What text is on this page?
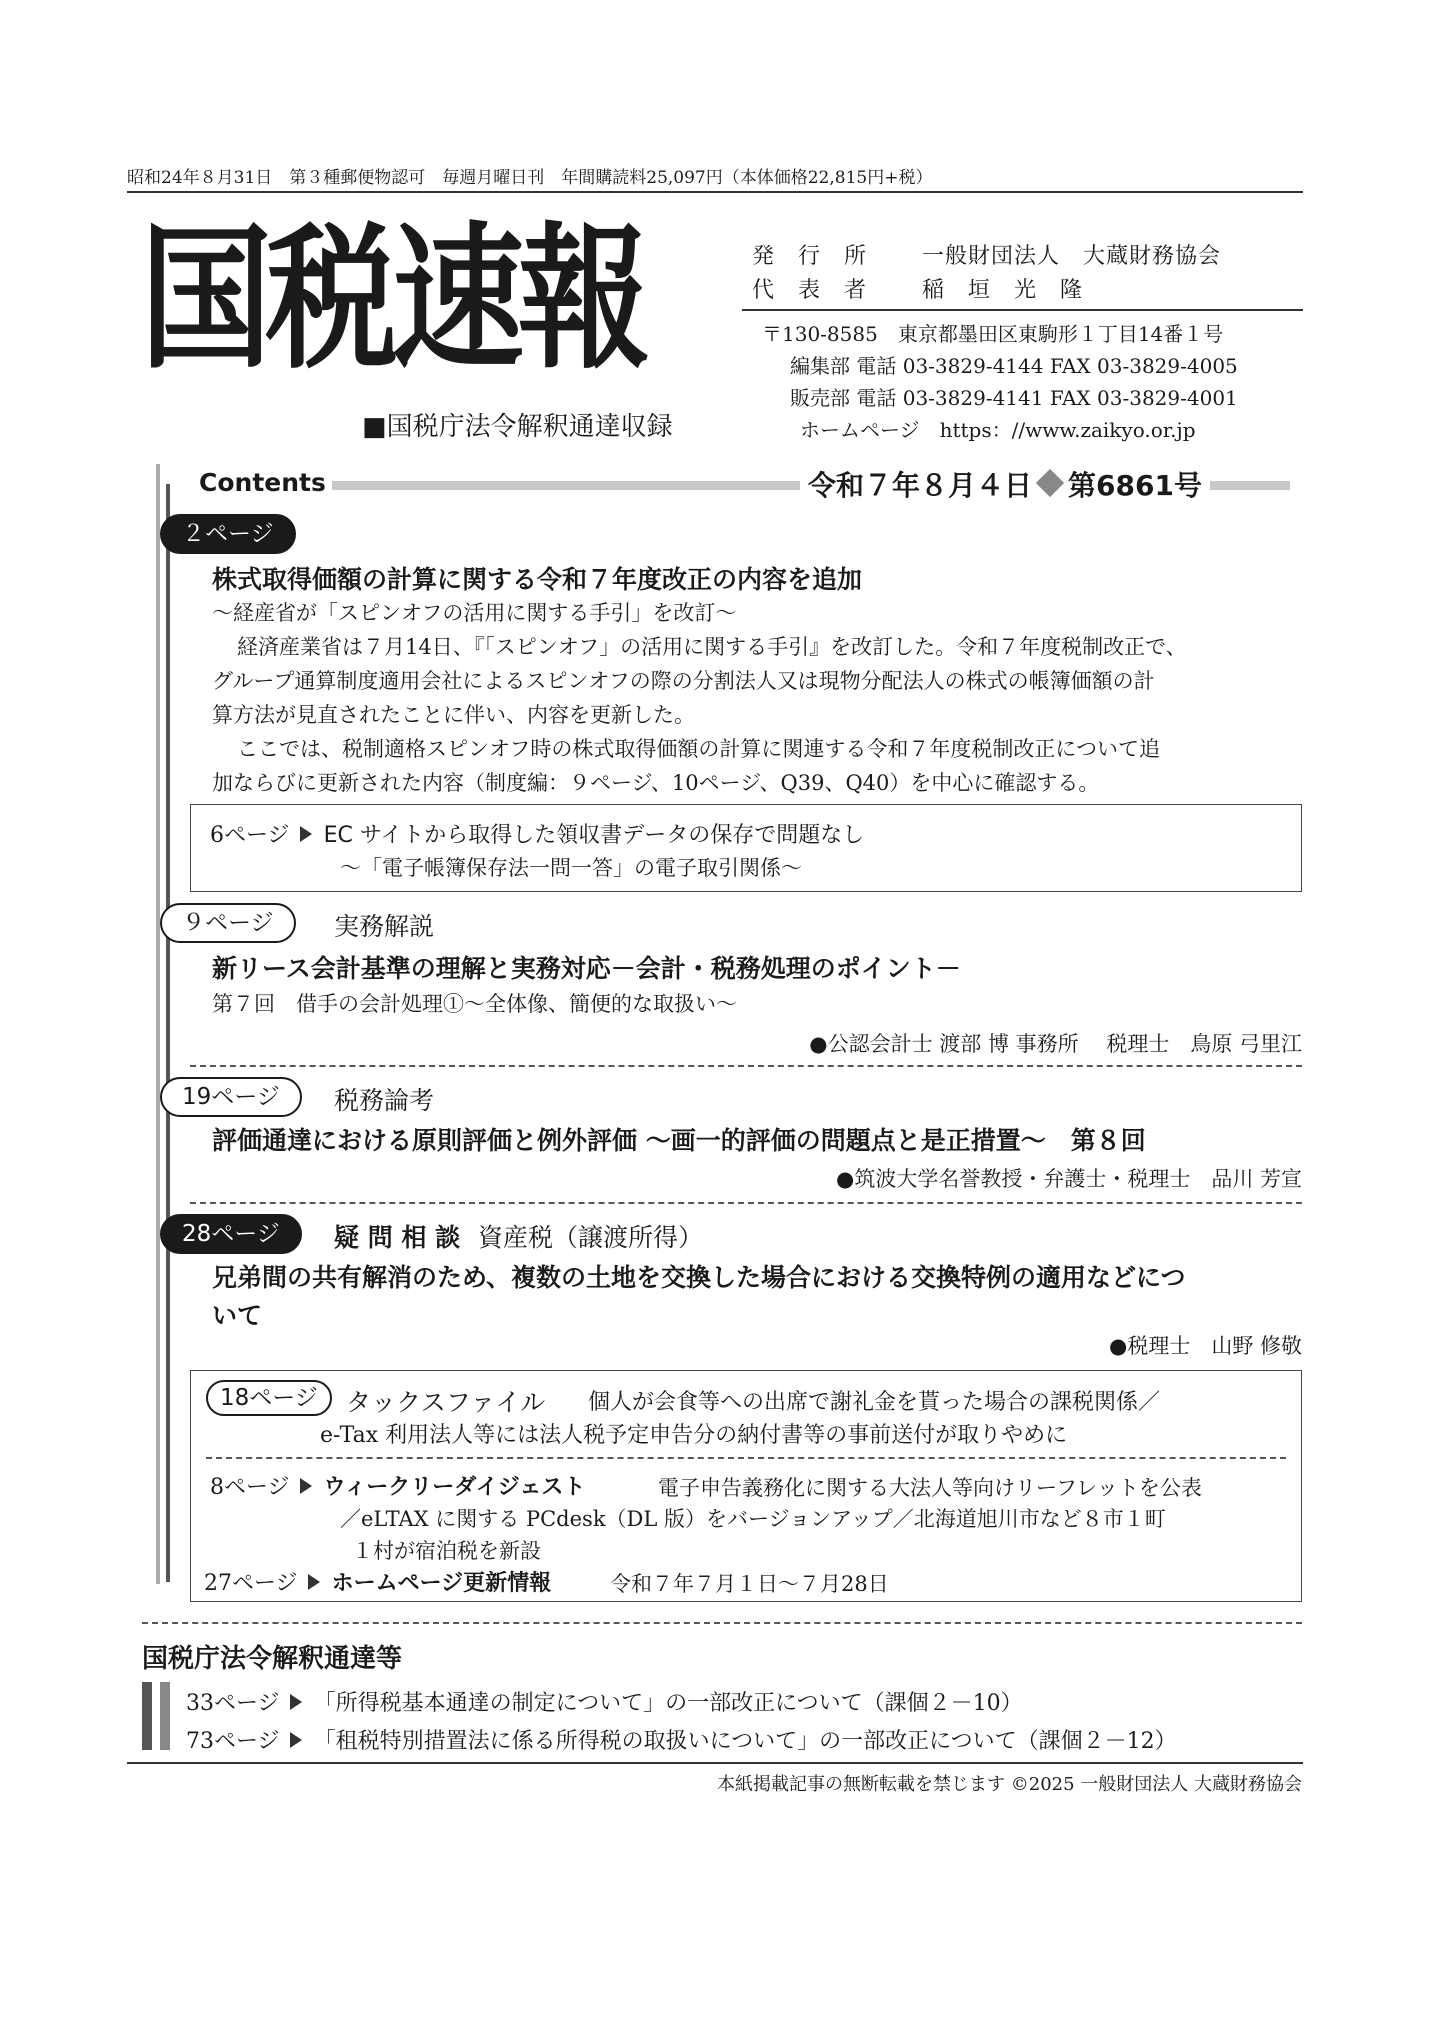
昭和24年８月31日　第３種郵便物認可　毎週月曜日刊　年間購読料25,097円（本体価格22,815円+税）
国税速報
■国税庁法令解釈通達収録
発　行　所 一般財団法人　大蔵財務協会
代　表　者 稲　垣　光　隆
〒130-8585　東京都墨田区東駒形１丁目14番１号
編集部 電話 03-3829-4144 FAX 03-3829-4005
販売部 電話 03-3829-4141 FAX 03-3829-4001
ホームページ　https：//www.zaikyo.or.jp
Contents	令和７年８月４日 第6861号
２ページ
株式取得価額の計算に関する令和７年度改正の内容を追加
～経産省が「スピンオフの活用に関する手引」を改訂～
経済産業省は７月14日、『「スピンオフ」の活用に関する手引』を改訂した。令和７年度税制改正で、
グループ通算制度適用会社によるスピンオフの際の分割法人又は現物分配法人の株式の帳簿価額の計
算方法が見直されたことに伴い、内容を更新した。
ここでは、税制適格スピンオフ時の株式取得価額の計算に関連する令和７年度税制改正について追
加ならびに更新された内容（制度編：９ページ、10ページ、Q39、Q40）を中心に確認する。
6ページ EC サイトから取得した領収書データの保存で問題なし
～「電子帳簿保存法一問一答」の電子取引関係～
９ページ	実務解説
新リース会計基準の理解と実務対応－会計・税務処理のポイント－
第７回　借手の会計処理①～全体像、簡便的な取扱い～
●公認会計士 渡部 博 事務所　 税理士　鳥原 弓里江
19ページ	税務論考
評価通達における原則評価と例外評価 ～画一的評価の問題点と是正措置～　第８回
●筑波大学名誉教授・弁護士・税理士　品川 芳宣
28ページ	疑 問 相 談 資産税（譲渡所得）
兄弟間の共有解消のため、複数の土地を交換した場合における交換特例の適用などにつ
いて
●税理士　山野 修敬
18ページ	タックスファイル 個人が会食等への出席で謝礼金を貰った場合の課税関係／
e-Tax 利用法人等には法人税予定申告分の納付書等の事前送付が取りやめに
8ページ ウィークリーダイジェスト	電子申告義務化に関する大法人等向けリーフレットを公表
／eLTAX に関する PCdesk（DL 版）をバージョンアップ／北海道旭川市など８市１町
１村が宿泊税を新設
27ページ ホームページ更新情報	令和７年７月１日～７月28日
国税庁法令解釈通達等
33ページ 「所得税基本通達の制定について」の一部改正について（課個２－10）
73ページ 「租税特別措置法に係る所得税の取扱いについて」の一部改正について（課個２－12）
本紙掲載記事の無断転載を禁じます ©2025 一般財団法人 大蔵財務協会
